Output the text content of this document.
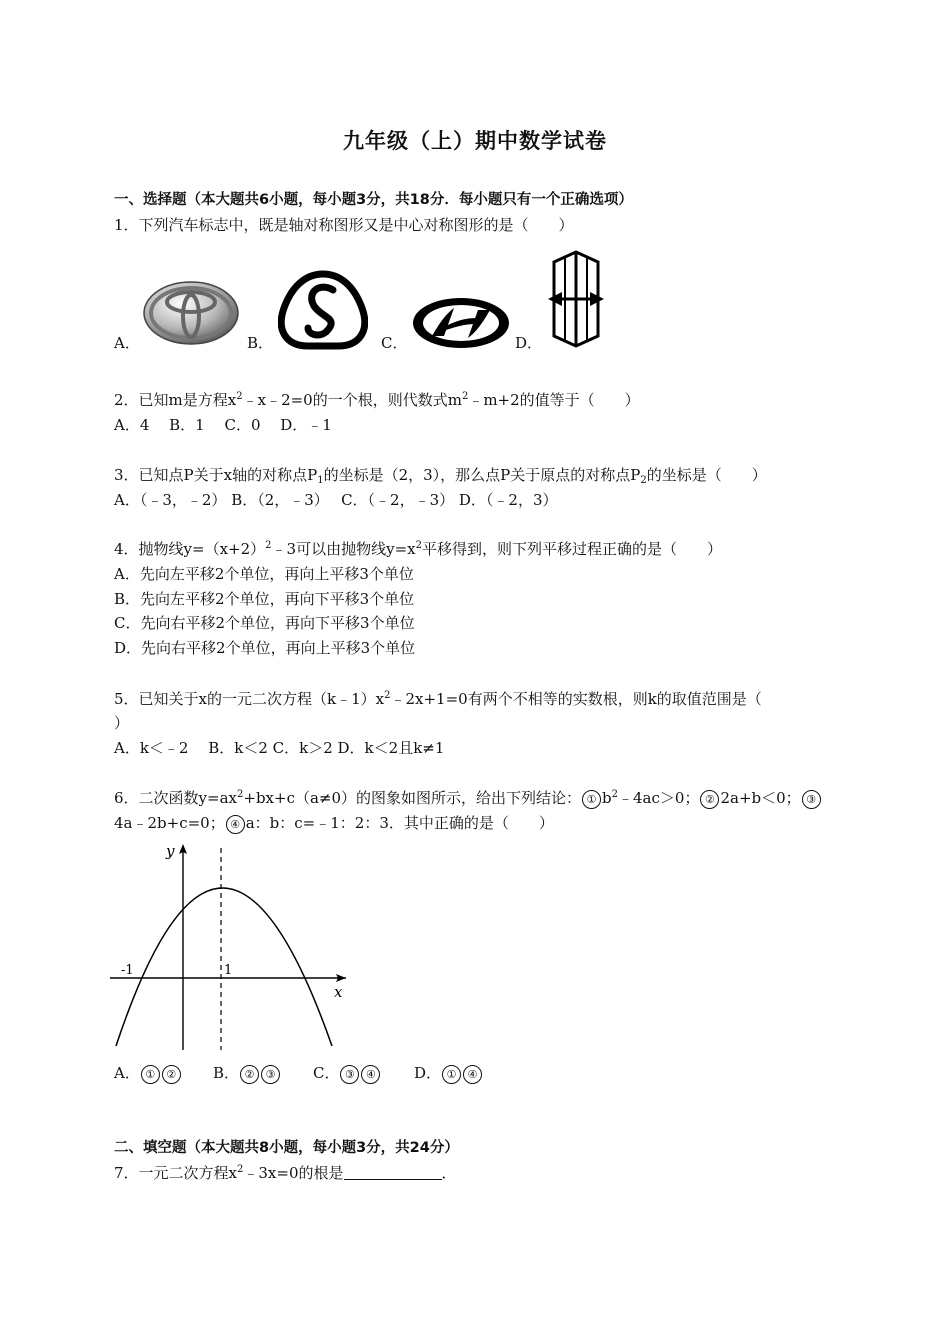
九年级（上）期中数学试卷
一、选择题（本大题共6小题，每小题3分，共18分．每小题只有一个正确选项）
1．下列汽车标志中，既是轴对称图形又是中心对称图形的是（　　）
A．	B．	C．	D．
2．已知m是方程$x^2﹣x﹣2=0$的一个根，则代数式$m^2﹣m+2$的值等于（　　）
A．4　 B．1　 C．0　 D．﹣1
3．已知点P关于x轴的对称点$P_1$的坐标是（2，3），那么点P关于原点的对称点$P_2$的坐标是（　　）
A．（﹣3，﹣2） B．（2，﹣3）　 C．（﹣2，﹣3） D．（﹣2，3）
4．抛物线$y=(x+2)^2﹣3$可以由抛物线$y=x^2$平移得到，则下列平移过程正确的是（　　）
A．先向左平移2个单位，再向上平移3个单位
B．先向左平移2个单位，再向下平移3个单位
C．先向右平移2个单位，再向下平移3个单位
D．先向右平移2个单位，再向上平移3个单位
5．已知关于x的一元二次方程$(k﹣1)x^2﹣2x+1=0$有两个不相等的实数根，则k的取值范围是（
）
A．k＜﹣2　 B．k＜2 C．k＞2 D．k＜2且k≠1
6．二次函数$y=ax^2+bx+c(a\ne 0)$的图象如图所示，给出下列结论： ① $b^2﹣4ac>0$； ② 2a+b＜0； ③
4a﹣2b+c=0； ④ a：b：c=﹣1：2：3．其中正确的是（　　）
y
x
-1	1
A． ① ②	B． ② ③	C． ③ ④	D． ① ④
二、填空题（本大题共8小题，每小题3分，共24分）
7．一元二次方程$x^2﹣3x=0$的根是	．
